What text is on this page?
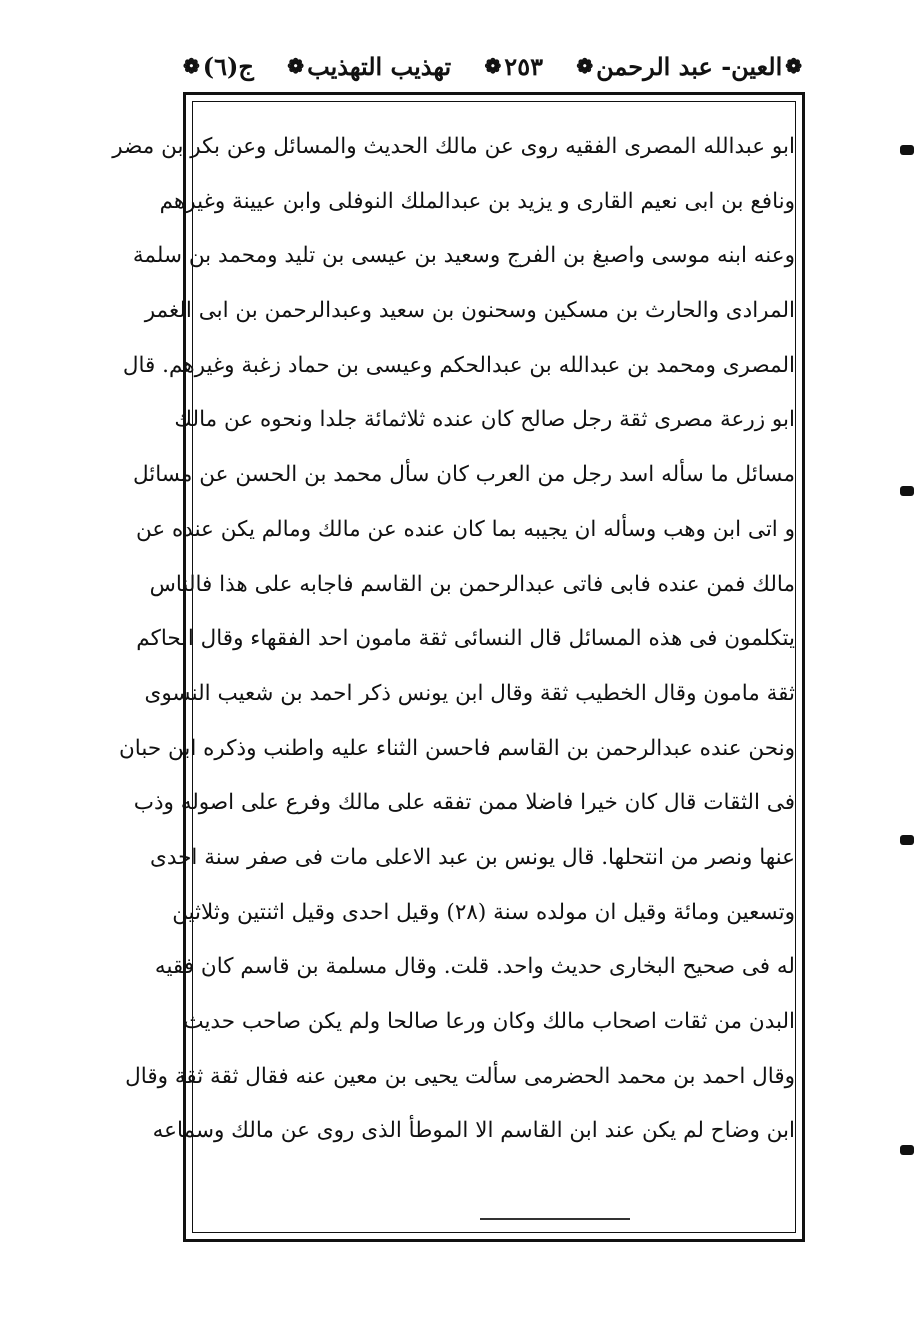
ج(٦)
❁	تهذيب التهذيب
❁	٢٥٣
❁	❁
العين- عبد الرحمن
❁
ابو عبدالله المصری الفقیه روی عن مالك الحدیث والمسائل وعن بکر بن مضر
ونافع بن ابی نعیم القاری و یزید بن عبدالملك النوفلی وابن عیینة وغیرهم
وعنه ابنه موسی واصبغ بن الفرج وسعید بن عیسی بن تلید ومحمد بن سلمة
المرادی والحارث بن مسکین وسحنون بن سعید وعبدالرحمن بن ابی الغمر
المصری ومحمد بن عبدالله بن عبدالحکم وعیسی بن حماد زغبة وغیرهم. قال
ابو زرعة مصری ثقة رجل صالح کان عنده ثلاثمائة جلدا ونحوه عن مالك
مسائل ما سأله اسد رجل من العرب کان سأل محمد بن الحسن عن مسائل
و اتی ابن وهب وسأله ان یجیبه بما کان عنده عن مالك ومالم یکن عنده عن
مالك فمن عنده فابی فاتی عبدالرحمن بن القاسم فاجابه علی هذا فالناس
یتکلمون فی هذه المسائل قال النسائی ثقة مامون احد الفقهاء وقال الحاکم
ثقة مامون وقال الخطیب ثقة وقال ابن یونس ذکر احمد بن شعیب النسوی
ونحن عنده عبدالرحمن بن القاسم فاحسن الثناء علیه واطنب وذکره ابن حبان
فی الثقات قال کان خیرا فاضلا ممن تفقه علی مالك وفرع علی اصوله وذب
عنها ونصر من انتحلها. قال یونس بن عبد الاعلی مات فی صفر سنة احدی
وتسعین ومائة وقیل ان مولده سنة (٢٨) وقیل احدی وقیل اثنتین وثلاثین
له فی صحیح البخاری حدیث واحد. قلت. وقال مسلمة بن قاسم کان فقیه
البدن من ثقات اصحاب مالك وکان ورعا صالحا ولم یکن صاحب حدیث
وقال احمد بن محمد الحضرمی سألت یحیی بن معین عنه فقال ثقة ثقة وقال
ابن وضاح لم یکن عند ابن القاسم الا الموطأ الذی روی عن مالك وسماعه
